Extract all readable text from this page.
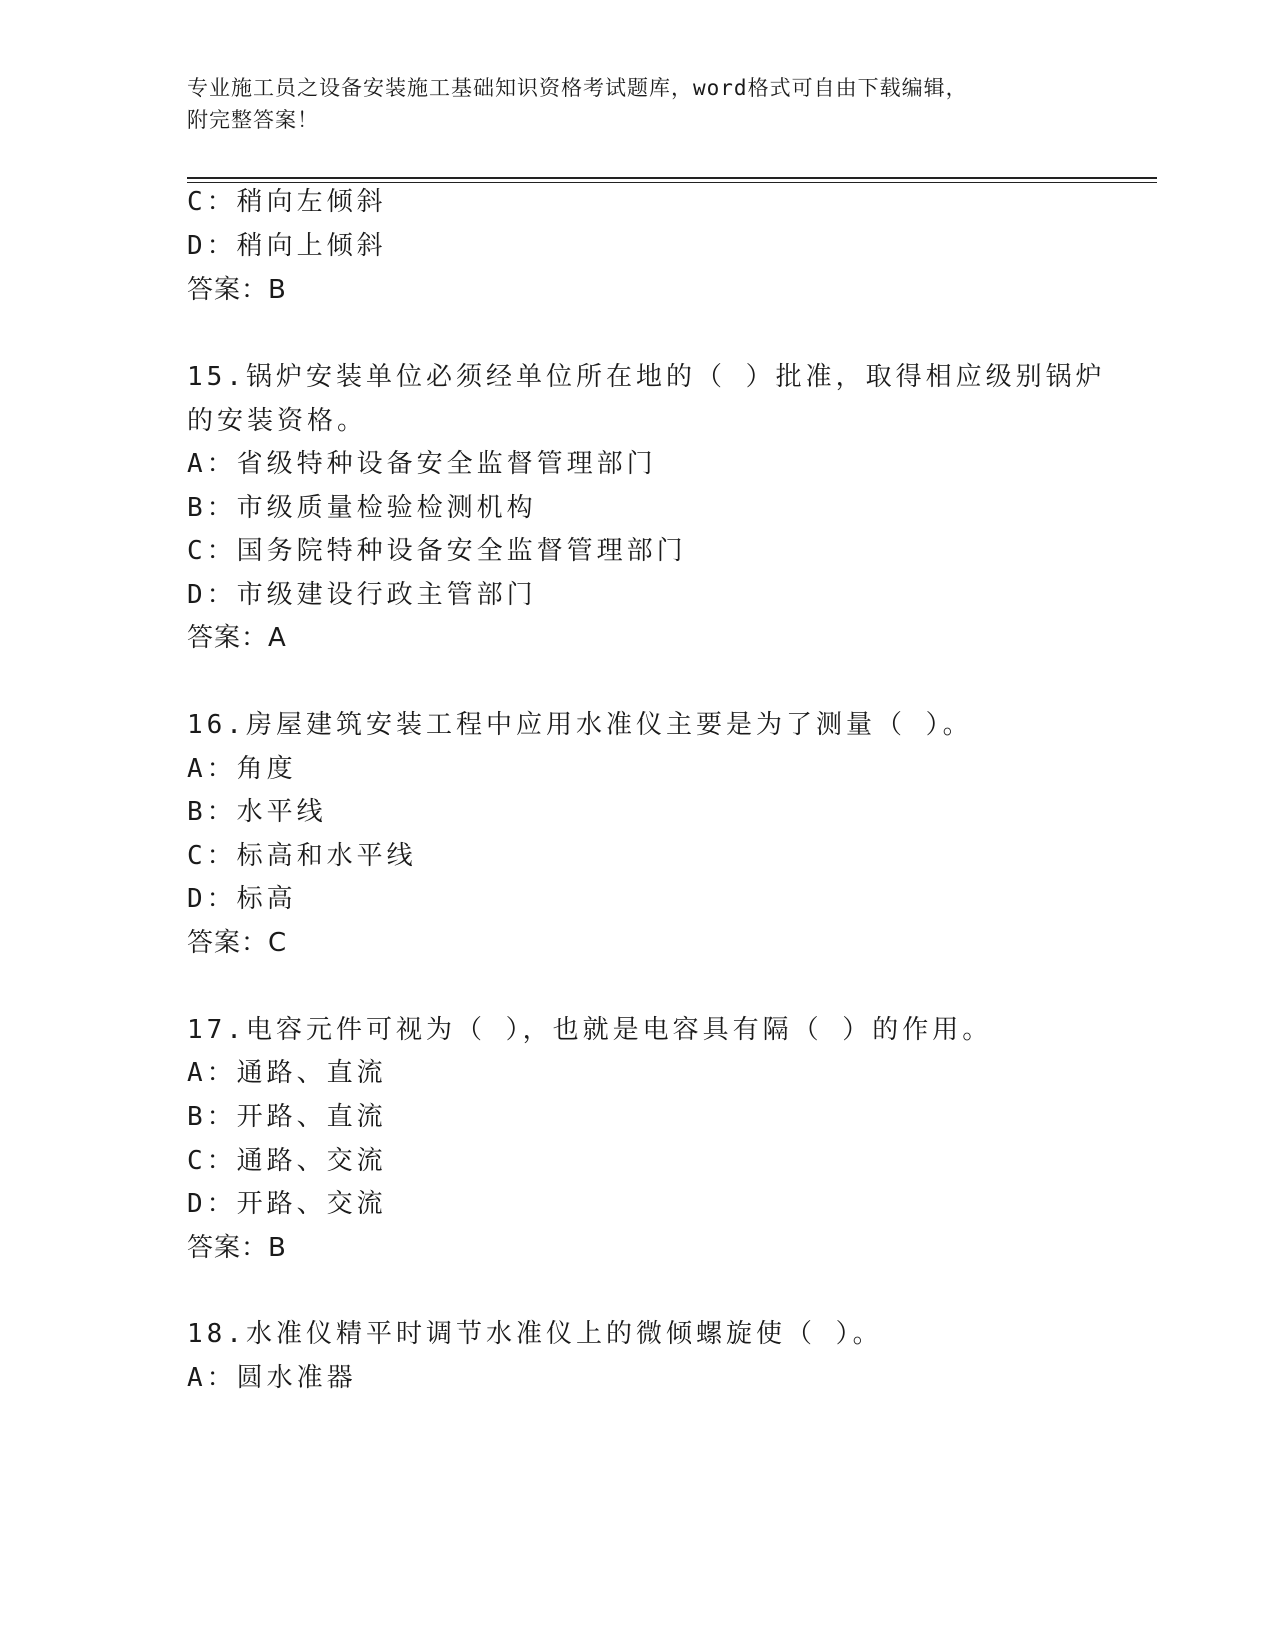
专业施工员之设备安装施工基础知识资格考试题库，word格式可自由下载编辑，
附完整答案！
C：稍向左倾斜
D：稍向上倾斜
答案：B
15.锅炉安装单位必须经单位所在地的（ ）批准，取得相应级别锅炉
的安装资格。
A：省级特种设备安全监督管理部门
B：市级质量检验检测机构
C：国务院特种设备安全监督管理部门
D：市级建设行政主管部门
答案：A
16.房屋建筑安装工程中应用水准仪主要是为了测量（ ）。
A：角度
B：水平线
C：标高和水平线
D：标高
答案：C
17.电容元件可视为（ ），也就是电容具有隔（ ）的作用。
A：通路、直流
B：开路、直流
C：通路、交流
D：开路、交流
答案：B
18.水准仪精平时调节水准仪上的微倾螺旋使（ ）。
A：圆水准器
